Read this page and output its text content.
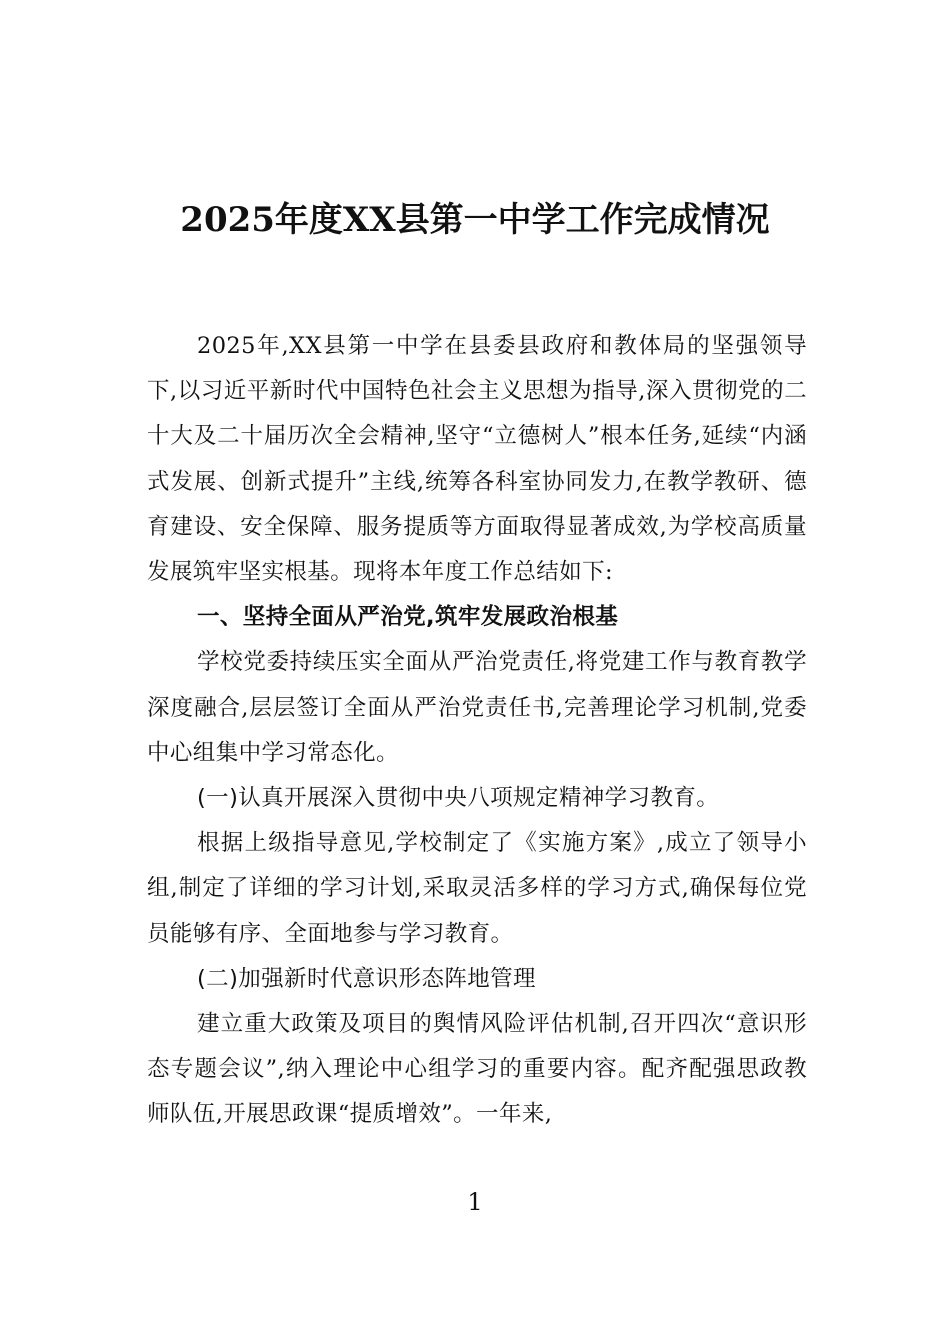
2025年度XX县第一中学工作完成情况

2025年,XX县第一中学在县委县政府和教体局的坚强领导下,以习近平新时代中国特色社会主义思想为指导,深入贯彻党的二十大及二十届历次全会精神,坚守“立德树人”根本任务,延续“内涵式发展、创新式提升”主线,统筹各科室协同发力,在教学教研、德育建设、安全保障、服务提质等方面取得显著成效,为学校高质量发展筑牢坚实根基。现将本年度工作总结如下:

一、坚持全面从严治党,筑牢发展政治根基

学校党委持续压实全面从严治党责任,将党建工作与教育教学深度融合,层层签订全面从严治党责任书,完善理论学习机制,党委中心组集中学习常态化。

(一)认真开展深入贯彻中央八项规定精神学习教育。

根据上级指导意见,学校制定了《实施方案》,成立了领导小组,制定了详细的学习计划,采取灵活多样的学习方式,确保每位党员能够有序、全面地参与学习教育。

(二)加强新时代意识形态阵地管理

建立重大政策及项目的舆情风险评估机制,召开四次“意识形态专题会议”,纳入理论中心组学习的重要内容。配齐配强思政教师队伍,开展思政课“提质增效”。一年来,

1
